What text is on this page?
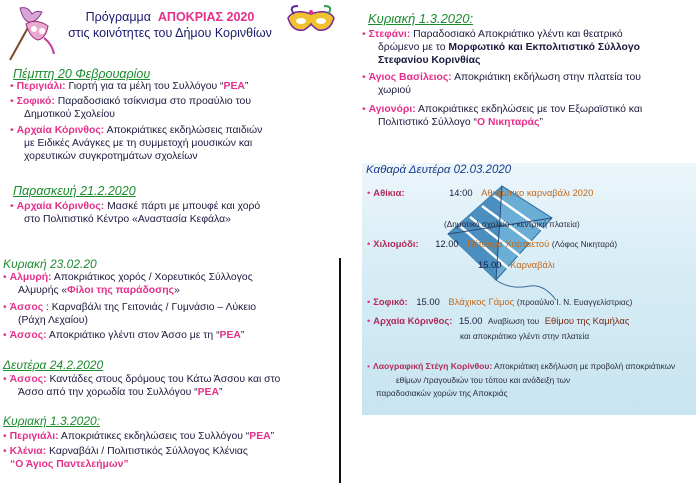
Πρόγραμμα ΑΠΟΚΡΙΑΣ 2020
στις κοινότητες του Δήμου Κορινθίων
Πέμπτη 20 Φεβρουαρίου
• Περιγιάλι: Γιορτή για τα μέλη του Συλλόγου “ΡΕΑ”
• Σοφικό: Παραδοσιακό τσίκνισμα στο προαύλιο του
Δημοτικού Σχολείου
• Αρχαία Κόρινθος: Αποκριάτικες εκδηλώσεις παιδιών
με Ειδικές Ανάγκες με τη συμμετοχή μουσικών και
χορευτικών συγκροτημάτων σχολείων
Παρασκευή 21.2.2020
• Αρχαία Κόρινθος: Μασκέ πάρτι με μπουφέ και χορό
στο Πολιτιστικό Κέντρο «Αναστασία Κεφάλα»
Κυριακή 23.02.20
• Αλμυρή: Αποκριάτικος χορός / Χορευτικός Σύλλογος
Αλμυρής «Φίλοι της παράδοσης»
• Άσσος : Καρναβάλι της Γειτονιάς / Γυμνάσιο – Λύκειο
(Ράχη Λεχαίου)
• Άσσος: Αποκριάτικο γλέντι στον Άσσο με τη “ΡΕΑ”
Δευτέρα 24.2.2020
• Άσσος: Καντάδες στους δρόμους του Κάτω Άσσου και στο
Άσσο από την χορωδία του Συλλόγου “ΡΕΑ”
Κυριακή 1.3.2020:
• Περιγιάλι: Αποκριάτικες εκδηλώσεις του Συλλόγου “ΡΕΑ”
• Κλένια: Καρναβάλι / Πολιτιστικός Σύλλογος Κλένιας
“Ο Άγιος Παντελεήμων”
Κυριακή 1.3.2020:
• Στεφάνι: Παραδοσιακό Αποκριάτικο γλέντι και θεατρικό
δρώμενο με το Μορφωτικό και Εκπολιτιστικό Σύλλογο
Στεφανίου Κορινθίας
• Άγιος Βασίλειος: Αποκριάτικη εκδήλωση στην πλατεία του
χωριού
• Αγιονόρι: Αποκριάτικες εκδηλώσεις με τον Εξωραϊστικό και
Πολιτιστικό Σύλλογο “Ο Νικηταράς”
Καθαρά Δευτέρα 02.03.2020
• Αθίκια:	14:00 Αθικιώτικο καρναβάλι 2020
(Δημοτικό σχολείο - κεντρική πλατεία)
• Χιλιομόδι: 12.00 Πέταγμα Χαρταετού (Λόφος Νικηταρά)
15.00 Καρναβάλι
• Σοφικό: 15.00 Βλάχικος Γάμος (προαύλιο Ι. Ν. Ευαγγελίστριας)
• Αρχαία Κόρινθος: 15.00 Αναβίωση του Εθίμου της Καμήλας
και αποκριάτικο γλέντι στην πλατεία
• Λαογραφική Στέγη Κορίνθου: Αποκριάτικη εκδήλωση με προβολή αποκριάτικων
εθίμων /τραγουδιών του τόπου και ανάδειξη των
παραδοσιακών χορών της Αποκριάς
